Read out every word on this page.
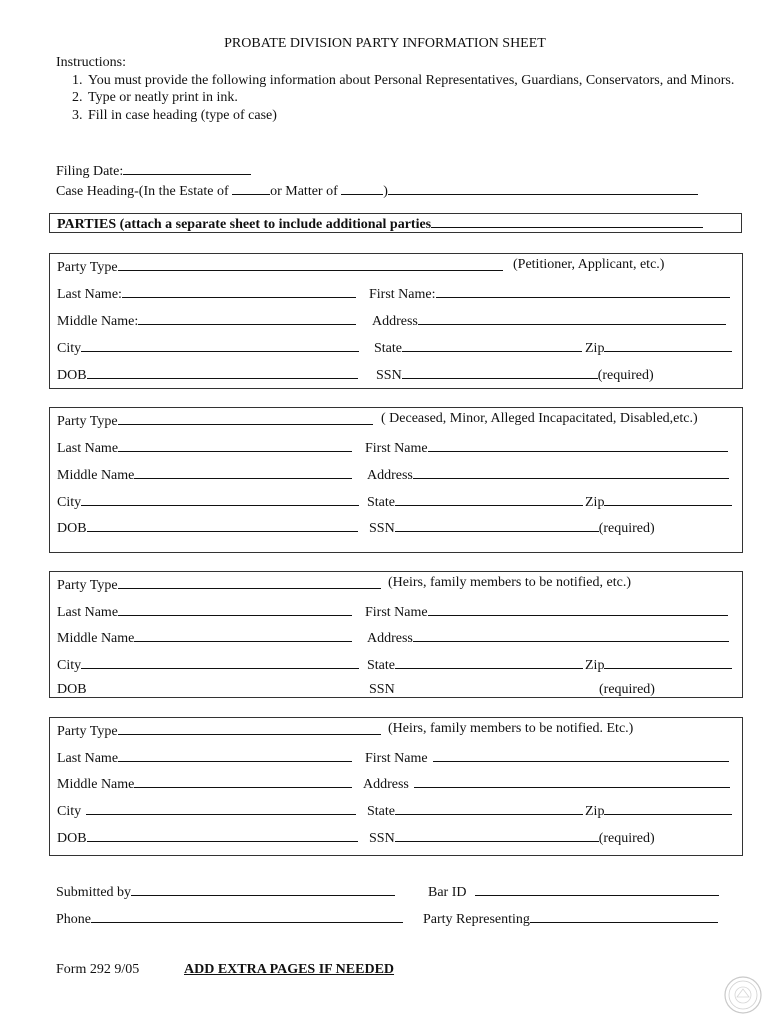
PROBATE DIVISION PARTY INFORMATION SHEET
Instructions:
1. You must provide the following information about Personal Representatives, Guardians, Conservators, and Minors.
2. Type or neatly print in ink.
3. Fill in case heading (type of case)
Filing Date:
Case Heading-(In the Estate of	or Matter of	)
PARTIES (attach a separate sheet to include additional parties
Party Type	(Petitioner, Applicant, etc.)
Last Name:	First Name:
Middle Name:	Address
City	State	Zip
DOB	SSN	(required)
Party Type	( Deceased, Minor, Alleged Incapacitated, Disabled,etc.)
Last Name	First Name
Middle Name	Address
City	State	Zip
DOB	SSN	(required)
Party Type	(Heirs, family members to be notified, etc.)
Last Name	First Name
Middle Name	Address
City	State	Zip
DOB	SSN	(required)
Party Type	(Heirs, family members to be notified. Etc.)
Last Name	First Name
Middle Name	Address
City	State	Zip
DOB	SSN	(required)
Submitted by	Bar ID
Phone	Party Representing
Form 292 9/05	ADD EXTRA PAGES IF NEEDED
